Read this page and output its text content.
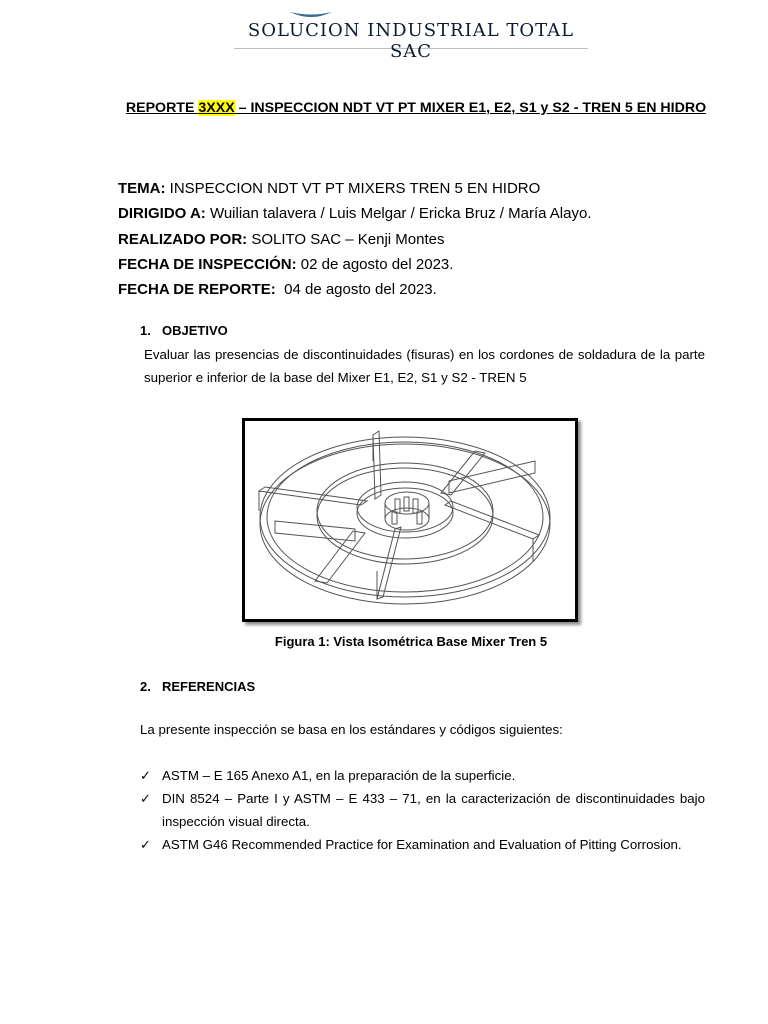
SOLUCION INDUSTRIAL TOTAL SAC
REPORTE 3XXX – INSPECCION NDT VT PT MIXER E1, E2, S1 y S2 - TREN 5 EN HIDRO
TEMA: INSPECCION NDT VT PT MIXERS TREN 5 EN HIDRO
DIRIGIDO A: Wuilian talavera / Luis Melgar / Ericka Bruz / María Alayo.
REALIZADO POR: SOLITO SAC – Kenji Montes
FECHA DE INSPECCIÓN: 02 de agosto del 2023.
FECHA DE REPORTE:  04 de agosto del 2023.
1. OBJETIVO
Evaluar las presencias de discontinuidades (fisuras) en los cordones de soldadura de la parte superior e inferior de la base del Mixer E1, E2, S1 y S2 - TREN 5
Figura 1: Vista Isométrica Base Mixer Tren 5
2. REFERENCIAS
La presente inspección se basa en los estándares y códigos siguientes:
✓ ASTM – E 165 Anexo A1, en la preparación de la superficie.
✓ DIN 8524 – Parte I y ASTM – E 433 – 71, en la caracterización de discontinuidades bajo inspección visual directa.
✓ ASTM G46 Recommended Practice for Examination and Evaluation of Pitting Corrosion.
